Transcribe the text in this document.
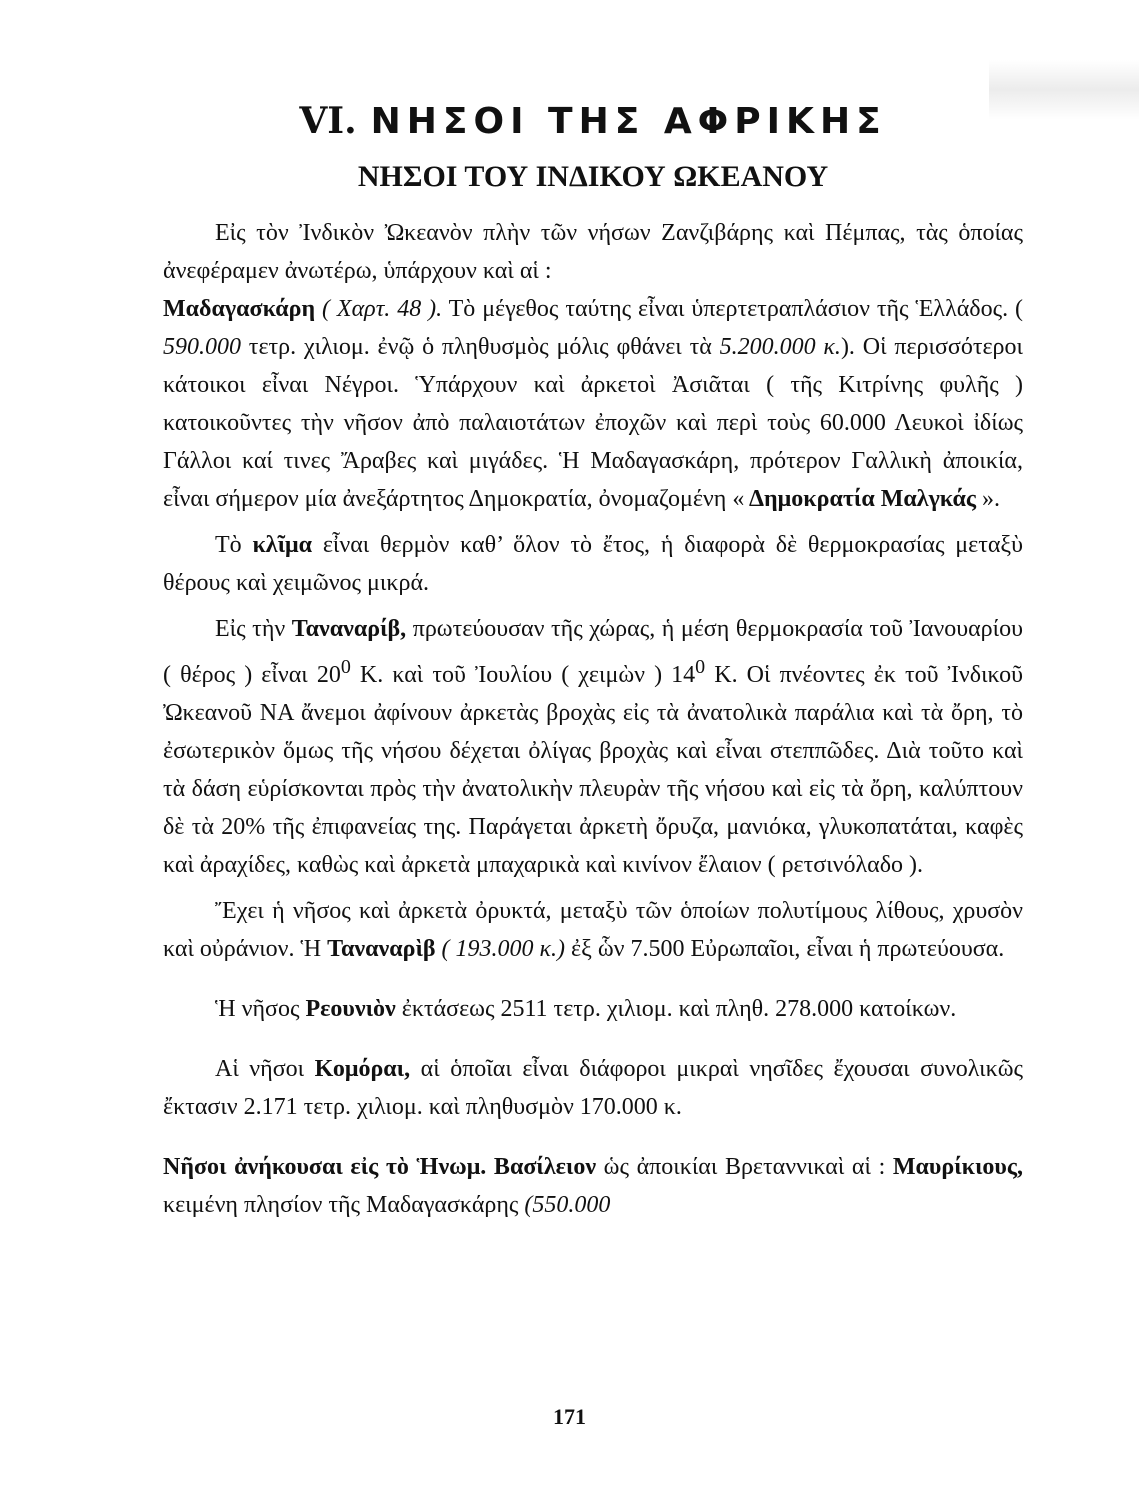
VI. ΝΗΣΟΙ ΤΗΣ ΑΦΡΙΚΗΣ
ΝΗΣΟΙ ΤΟΥ ΙΝΔΙΚΟΥ ΩΚΕΑΝΟΥ

Εἰς τὸν Ἰνδικὸν Ὠκεανὸν πλὴν τῶν νήσων Ζανζιβάρης καὶ Πέμπας, τὰς ὁποίας ἀνεφέραμεν ἀνωτέρω, ὑπάρχουν καὶ αἱ :

Μαδαγασκάρη ( Χαρτ. 48 ). Τὸ μέγεθος ταύτης εἶναι ὑπερτετραπλάσιον τῆς Ἑλλάδος. ( 590.000 τετρ. χιλιομ. ἐνῷ ὁ πληθυσμὸς μόλις φθάνει τὰ 5.200.000 κ.). Οἱ περισσότεροι κάτοικοι εἶναι Νέγροι. Ὑπάρχουν καὶ ἀρκετοὶ Ἀσιᾶται ( τῆς Κιτρίνης φυλῆς ) κατοικοῦντες τὴν νῆσον ἀπὸ παλαιοτάτων ἐποχῶν καὶ περὶ τοὺς 60.000 Λευκοὶ ἰδίως Γάλλοι καί τινες Ἄραβες καὶ μιγάδες. Ἡ Μαδαγασκάρη, πρότερον Γαλλικὴ ἀποικία, εἶναι σήμερον μία ἀνεξάρτητος Δημοκρατία, ὀνομαζομένη « Δημοκρατία Μαλγκάς ».

Τὸ κλῖμα εἶναι θερμὸν καθ’ ὅλον τὸ ἔτος, ἡ διαφορὰ δὲ θερμοκρασίας μεταξὺ θέρους καὶ χειμῶνος μικρά.

Εἰς τὴν Ταναναρίβ, πρωτεύουσαν τῆς χώρας, ἡ μέση θερμοκρασία τοῦ Ἰανουαρίου ( θέρος ) εἶναι $20^0$ Κ. καὶ τοῦ Ἰουλίου ( χειμὼν ) $14^0$ Κ. Οἱ πνέοντες ἐκ τοῦ Ἰνδικοῦ Ὠκεανοῦ ΝΑ ἄνεμοι ἀφίνουν ἀρκετὰς βροχὰς εἰς τὰ ἀνατολικὰ παράλια καὶ τὰ ὄρη, τὸ ἐσωτερικὸν ὅμως τῆς νήσου δέχεται ὀλίγας βροχὰς καὶ εἶναι στεππῶδες. Διὰ τοῦτο καὶ τὰ δάση εὑρίσκονται πρὸς τὴν ἀνατολικὴν πλευρὰν τῆς νήσου καὶ εἰς τὰ ὄρη, καλύπτουν δὲ τὰ 20% τῆς ἐπιφανείας της. Παράγεται ἀρκετὴ ὄρυζα, μανιόκα, γλυκοπατάται, καφὲς καὶ ἀραχίδες, καθὼς καὶ ἀρκετὰ μπαχαρικὰ καὶ κινίνον ἔλαιον ( ρετσινόλαδο ).

Ἔχει ἡ νῆσος καὶ ἀρκετὰ ὀρυκτά, μεταξὺ τῶν ὁποίων πολυτίμους λίθους, χρυσὸν καὶ οὐράνιον. Ἡ Ταναναρὶβ ( 193.000 κ.) ἐξ ὧν 7.500 Εὐρωπαῖοι, εἶναι ἡ πρωτεύουσα.

Ἡ νῆσος Ρεουνιὸν ἐκτάσεως 2511 τετρ. χιλιομ. καὶ πληθ. 278.000 κατοίκων.

Αἱ νῆσοι Κομόραι, αἱ ὁποῖαι εἶναι διάφοροι μικραὶ νησῖδες ἔχουσαι συνολικῶς ἔκτασιν 2.171 τετρ. χιλιομ. καὶ πληθυσμὸν 170.000 κ.

Νῆσοι ἀνήκουσαι εἰς τὸ Ἡνωμ. Βασίλειον ὡς ἀποικίαι Βρεταννικαὶ αἱ : Μαυρίκιους, κειμένη πλησίον τῆς Μαδαγασκάρης (550.000

171
